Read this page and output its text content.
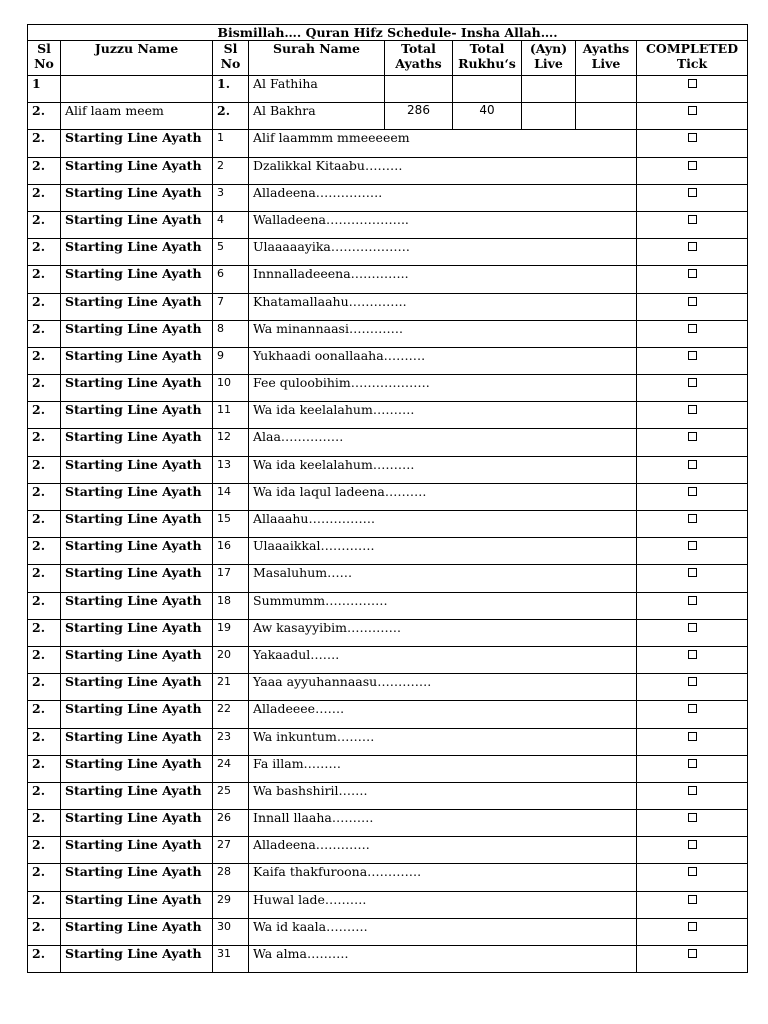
Bismillah…. Quran Hifz Schedule- Insha Allah….								
Sl No	Juzzu Name	Sl No	Surah Name	Total Ayaths	Total Rukhu‘s	(Ayn) Live	Ayaths Live	COMPLETED Tick
1		1.	Al Fathiha					
2.	Alif laam meem	2.	Al Bakhra	286	40			
2.	Starting Line Ayath	1	Alif laammm mmeeeeem					
2.	Starting Line Ayath	2	Dzalikkal Kitaabu………					
2.	Starting Line Ayath	3	Alladeena…………….					
2.	Starting Line Ayath	4	Walladeena………………..					
2.	Starting Line Ayath	5	Ulaaaaayika……………….					
2.	Starting Line Ayath	6	Innnalladeeena…………..					
2.	Starting Line Ayath	7	Khatamallaahu…………..					
2.	Starting Line Ayath	8	Wa minannaasi………….					
2.	Starting Line Ayath	9	Yukhaadi oonallaaha……….					
2.	Starting Line Ayath	10	Fee quloobihim……………….					
2.	Starting Line Ayath	11	Wa ida keelalahum……….					
2.	Starting Line Ayath	12	Alaa……………					
2.	Starting Line Ayath	13	Wa ida keelalahum……….					
2.	Starting Line Ayath	14	Wa ida laqul ladeena……….					
2.	Starting Line Ayath	15	Allaaahu…………….					
2.	Starting Line Ayath	16	Ulaaaikkal………….					
2.	Starting Line Ayath	17	Masaluhum……					
2.	Starting Line Ayath	18	Summumm……………					
2.	Starting Line Ayath	19	Aw kasayyibim………….					
2.	Starting Line Ayath	20	Yakaadul…….					
2.	Starting Line Ayath	21	Yaaa ayyuhannaasu………….					
2.	Starting Line Ayath	22	Alladeeee…….					
2.	Starting Line Ayath	23	Wa inkuntum………					
2.	Starting Line Ayath	24	Fa illam………					
2.	Starting Line Ayath	25	Wa bashshiril…….					
2.	Starting Line Ayath	26	Innall llaaha……….					
2.	Starting Line Ayath	27	Alladeena………….					
2.	Starting Line Ayath	28	Kaifa thakfuroona………….					
2.	Starting Line Ayath	29	Huwal lade……….					
2.	Starting Line Ayath	30	Wa id kaala……….					
2.	Starting Line Ayath	31	Wa alma……….					
